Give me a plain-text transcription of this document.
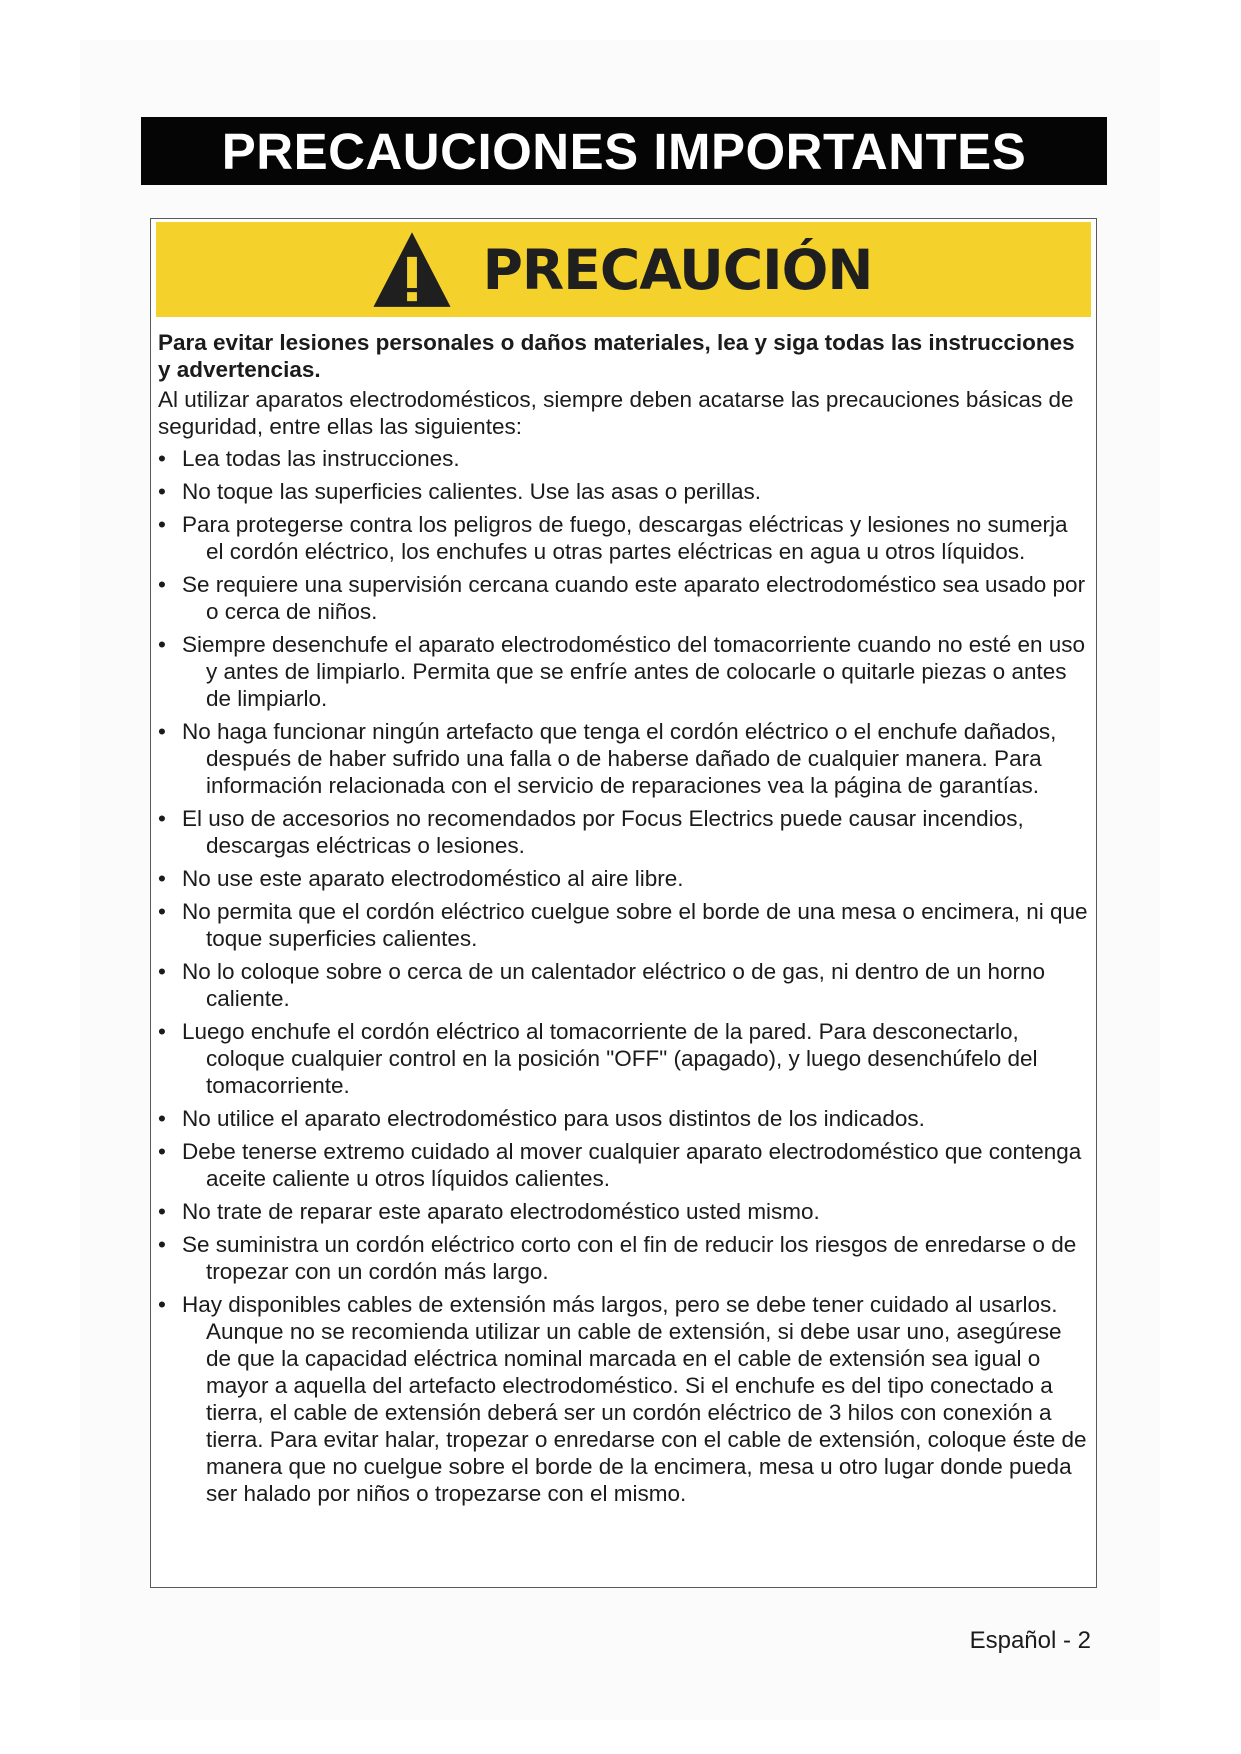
PRECAUCIONES IMPORTANTES
PRECAUCIÓN

Para evitar lesiones personales o daños materiales, lea y siga todas las instrucciones y advertencias.

Al utilizar aparatos electrodomésticos, siempre deben acatarse las precauciones básicas de seguridad, entre ellas las siguientes:

• Lea todas las instrucciones.
• No toque las superficies calientes. Use las asas o perillas.
• Para protegerse contra los peligros de fuego, descargas eléctricas y lesiones no sumerja el cordón eléctrico, los enchufes u otras partes eléctricas en agua u otros líquidos.
• Se requiere una supervisión cercana cuando este aparato electrodoméstico sea usado por o cerca de niños.
• Siempre desenchufe el aparato electrodoméstico del tomacorriente cuando no esté en uso y antes de limpiarlo. Permita que se enfríe antes de colocarle o quitarle piezas o antes de limpiarlo.
• No haga funcionar ningún artefacto que tenga el cordón eléctrico o el enchufe dañados, después de haber sufrido una falla o de haberse dañado de cualquier manera. Para información relacionada con el servicio de reparaciones vea la página de garantías.
• El uso de accesorios no recomendados por Focus Electrics puede causar incendios, descargas eléctricas o lesiones.
• No use este aparato electrodoméstico al aire libre.
• No permita que el cordón eléctrico cuelgue sobre el borde de una mesa o encimera, ni que toque superficies calientes.
• No lo coloque sobre o cerca de un calentador eléctrico o de gas, ni dentro de un horno caliente.
• Luego enchufe el cordón eléctrico al tomacorriente de la pared. Para desconectarlo, coloque cualquier control en la posición "OFF" (apagado), y luego desenchúfelo del tomacorriente.
• No utilice el aparato electrodoméstico para usos distintos de los indicados.
• Debe tenerse extremo cuidado al mover cualquier aparato electrodoméstico que contenga aceite caliente u otros líquidos calientes.
• No trate de reparar este aparato electrodoméstico usted mismo.
• Se suministra un cordón eléctrico corto con el fin de reducir los riesgos de enredarse o de tropezar con un cordón más largo.
• Hay disponibles cables de extensión más largos, pero se debe tener cuidado al usarlos. Aunque no se recomienda utilizar un cable de extensión, si debe usar uno, asegúrese de que la capacidad eléctrica nominal marcada en el cable de extensión sea igual o mayor a aquella del artefacto electrodoméstico. Si el enchufe es del tipo conectado a tierra, el cable de extensión deberá ser un cordón eléctrico de 3 hilos con conexión a tierra. Para evitar halar, tropezar o enredarse con el cable de extensión, coloque éste de manera que no cuelgue sobre el borde de la encimera, mesa u otro lugar donde pueda ser halado por niños o tropezarse con el mismo.
Español - 2
